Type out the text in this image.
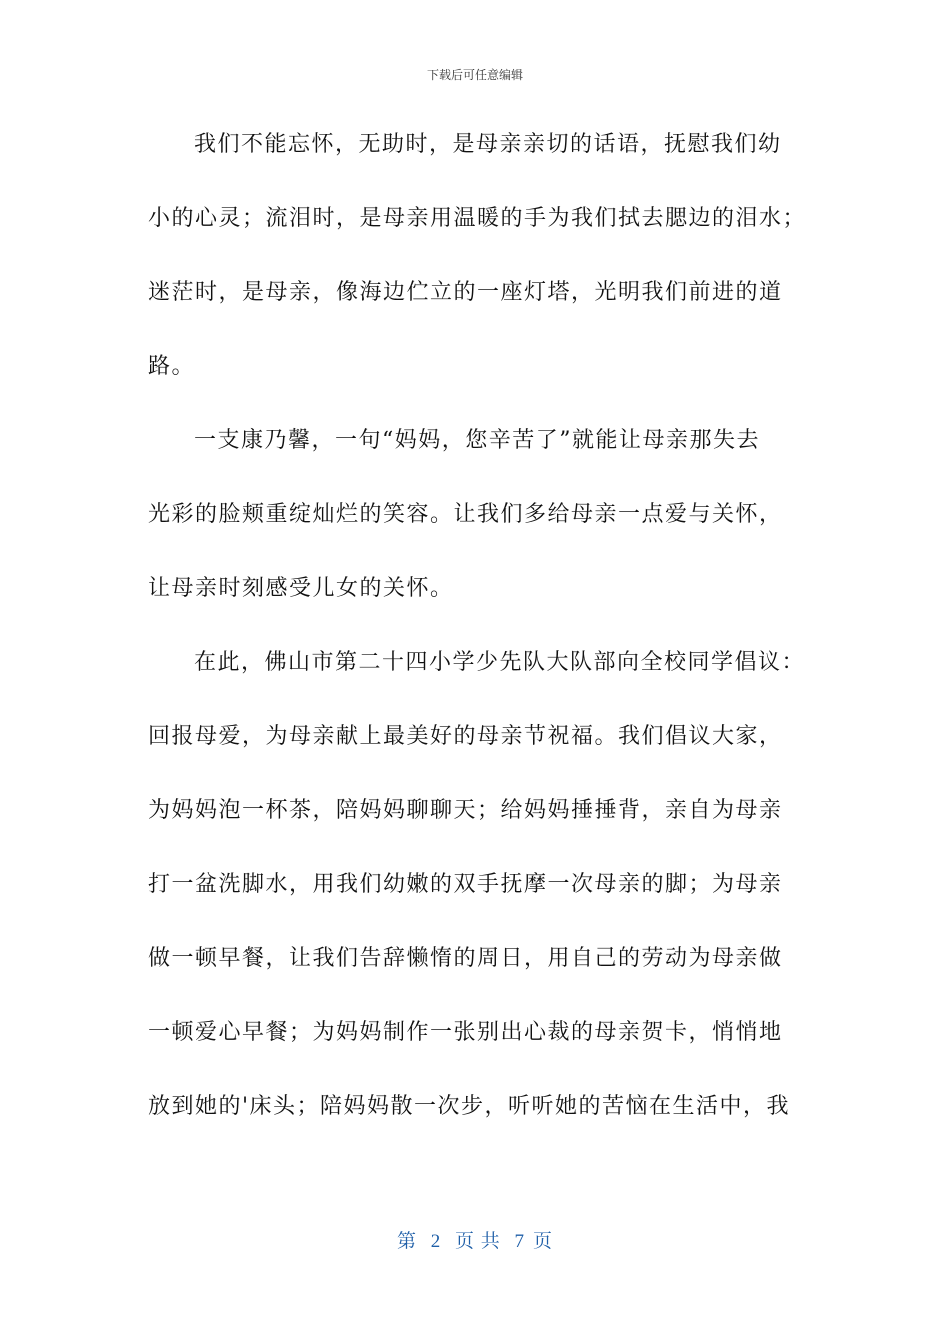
下载后可任意编辑
我们不能忘怀，无助时，是母亲亲切的话语，抚慰我们幼
小的心灵；流泪时，是母亲用温暖的手为我们拭去腮边的泪水；
迷茫时，是母亲，像海边伫立的一座灯塔，光明我们前进的道
路。
一支康乃馨，一句“妈妈，您辛苦了”就能让母亲那失去
光彩的脸颊重绽灿烂的笑容。让我们多给母亲一点爱与关怀，
让母亲时刻感受儿女的关怀。
在此，佛山市第二十四小学少先队大队部向全校同学倡议：
回报母爱，为母亲献上最美好的母亲节祝福。我们倡议大家，
为妈妈泡一杯茶，陪妈妈聊聊天；给妈妈捶捶背，亲自为母亲
打一盆洗脚水，用我们幼嫩的双手抚摩一次母亲的脚；为母亲
做一顿早餐，让我们告辞懒惰的周日，用自己的劳动为母亲做
一顿爱心早餐；为妈妈制作一张别出心裁的母亲贺卡，悄悄地
放到她的'床头；陪妈妈散一次步，听听她的苦恼在生活中，我
第 2 页 共 7 页
